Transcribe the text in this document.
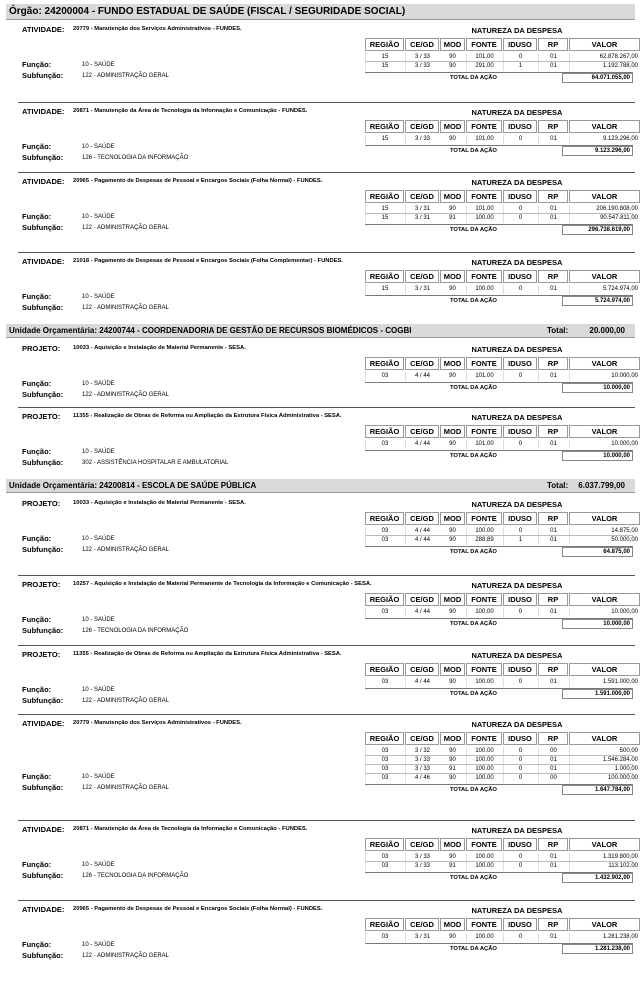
Órgão: 24200004 - FUNDO ESTADUAL DE SAÚDE (FISCAL / SEGURIDADE SOCIAL)
ATIVIDADE: 20779 - Manutenção dos Serviços Administrativos - FUNDES.	NATUREZA DA DESPESA
REGIÃO	CE/GD	MOD	FONTE	IDUSO	RP	VALOR
15	3 / 33	90	101.00	0	01	62.878.267,00
15	3 / 33	90	291.00	1	01	1.192.788,00
TOTAL DA AÇÃO	64.071.055,00
Função:	10 - SAÚDE
Subfunção:	122 - ADMINISTRAÇÃO GERAL
ATIVIDADE: 20871 - Manutenção da Área de Tecnologia da Informação e Comunicação - FUNDES.	NATUREZA DA DESPESA
REGIÃO	CE/GD	MOD	FONTE	IDUSO	RP	VALOR
15	3 / 33	90	101.00	0	01	9.123.296,00
TOTAL DA AÇÃO	9.123.296,00
Função:	10 - SAÚDE
Subfunção:	126 - TECNOLOGIA DA INFORMAÇÃO
ATIVIDADE: 20965 - Pagamento de Despesas de Pessoal e Encargos Sociais (Folha Normal) - FUNDES.	NATUREZA DA DESPESA
REGIÃO	CE/GD	MOD	FONTE	IDUSO	RP	VALOR
15	3 / 31	90	101.00	0	01	206.190.808,00
15	3 / 31	91	100.00	0	01	90.547.811,00
TOTAL DA AÇÃO	296.738.619,00
Função:	10 - SAÚDE
Subfunção:	122 - ADMINISTRAÇÃO GERAL
ATIVIDADE: 21018 - Pagamento de Despesas de Pessoal e Encargos Sociais (Folha Complementar) - FUNDES.	NATUREZA DA DESPESA
REGIÃO	CE/GD	MOD	FONTE	IDUSO	RP	VALOR
15	3 / 31	90	100.00	0	01	5.724.974,00
TOTAL DA AÇÃO	5.724.974,00
Função:	10 - SAÚDE
Subfunção:	122 - ADMINISTRAÇÃO GERAL
Unidade Orçamentária: 24200744 - COORDENADORIA DE GESTÃO DE RECURSOS BIOMÉDICOS - COGBI	Total:	20.000,00
PROJETO: 10033 - Aquisição e Instalação de Material Permanente - SESA.	NATUREZA DA DESPESA
REGIÃO	CE/GD	MOD	FONTE	IDUSO	RP	VALOR
03	4 / 44	90	101.00	0	01	10.000,00
TOTAL DA AÇÃO	10.000,00
Função:	10 - SAÚDE
Subfunção:	122 - ADMINISTRAÇÃO GERAL
PROJETO: 11355 - Realização de Obras de Reforma ou Ampliação da Estrutura Física Administrativa - SESA.	NATUREZA DA DESPESA
REGIÃO	CE/GD	MOD	FONTE	IDUSO	RP	VALOR
03	4 / 44	90	101.00	0	01	10.000,00
TOTAL DA AÇÃO	10.000,00
Função:	10 - SAÚDE
Subfunção:	302 - ASSISTÊNCIA HOSPITALAR E AMBULATORIAL
Unidade Orçamentária: 24200814 - ESCOLA DE SAÚDE PÚBLICA	Total: 6.037.799,00
PROJETO: 10033 - Aquisição e Instalação de Material Permanente - SESA.	NATUREZA DA DESPESA
REGIÃO	CE/GD	MOD	FONTE	IDUSO	RP	VALOR
03	4 / 44	90	100.00	0	01	14.875,00
03	4 / 44	90	288.89	1	01	50.000,00
TOTAL DA AÇÃO	64.875,00
Função:	10 - SAÚDE
Subfunção:	122 - ADMINISTRAÇÃO GERAL
PROJETO: 10257 - Aquisição e Instalação de Material Permanente de Tecnologia da Informação e Comunicação - SESA.	NATUREZA DA DESPESA
REGIÃO	CE/GD	MOD	FONTE	IDUSO	RP	VALOR
03	4 / 44	90	100.00	0	01	10.000,00
TOTAL DA AÇÃO	10.000,00
Função:	10 - SAÚDE
Subfunção:	126 - TECNOLOGIA DA INFORMAÇÃO
PROJETO: 11355 - Realização de Obras de Reforma ou Ampliação da Estrutura Física Administrativa - SESA.	NATUREZA DA DESPESA
REGIÃO	CE/GD	MOD	FONTE	IDUSO	RP	VALOR
03	4 / 44	90	100.00	0	01	1.591.000,00
TOTAL DA AÇÃO	1.591.000,00
Função:	10 - SAÚDE
Subfunção:	122 - ADMINISTRAÇÃO GERAL
ATIVIDADE: 20779 - Manutenção dos Serviços Administrativos - FUNDES.	NATUREZA DA DESPESA
REGIÃO	CE/GD	MOD	FONTE	IDUSO	RP	VALOR
03	3 / 32	90	100.00	0	00	500,00
03	3 / 33	90	100.00	0	01	1.546.284,00
03	3 / 33	91	100.00	0	01	1.000,00
03	4 / 46	90	100.00	0	00	100.000,00
TOTAL DA AÇÃO	1.647.784,00
Função:	10 - SAÚDE
Subfunção:	122 - ADMINISTRAÇÃO GERAL
ATIVIDADE: 20871 - Manutenção da Área de Tecnologia da Informação e Comunicação - FUNDES.	NATUREZA DA DESPESA
REGIÃO	CE/GD	MOD	FONTE	IDUSO	RP	VALOR
03	3 / 33	90	100.00	0	01	1.319.800,00
03	3 / 33	91	100.00	0	01	113.102,00
TOTAL DA AÇÃO	1.432.902,00
Função:	10 - SAÚDE
Subfunção:	126 - TECNOLOGIA DA INFORMAÇÃO
ATIVIDADE: 20965 - Pagamento de Despesas de Pessoal e Encargos Sociais (Folha Normal) - FUNDES.	NATUREZA DA DESPESA
REGIÃO	CE/GD	MOD	FONTE	IDUSO	RP	VALOR
03	3 / 31	90	100.00	0	01	1.281.238,00
TOTAL DA AÇÃO	1.281.238,00
Função:	10 - SAÚDE
Subfunção:	122 - ADMINISTRAÇÃO GERAL
